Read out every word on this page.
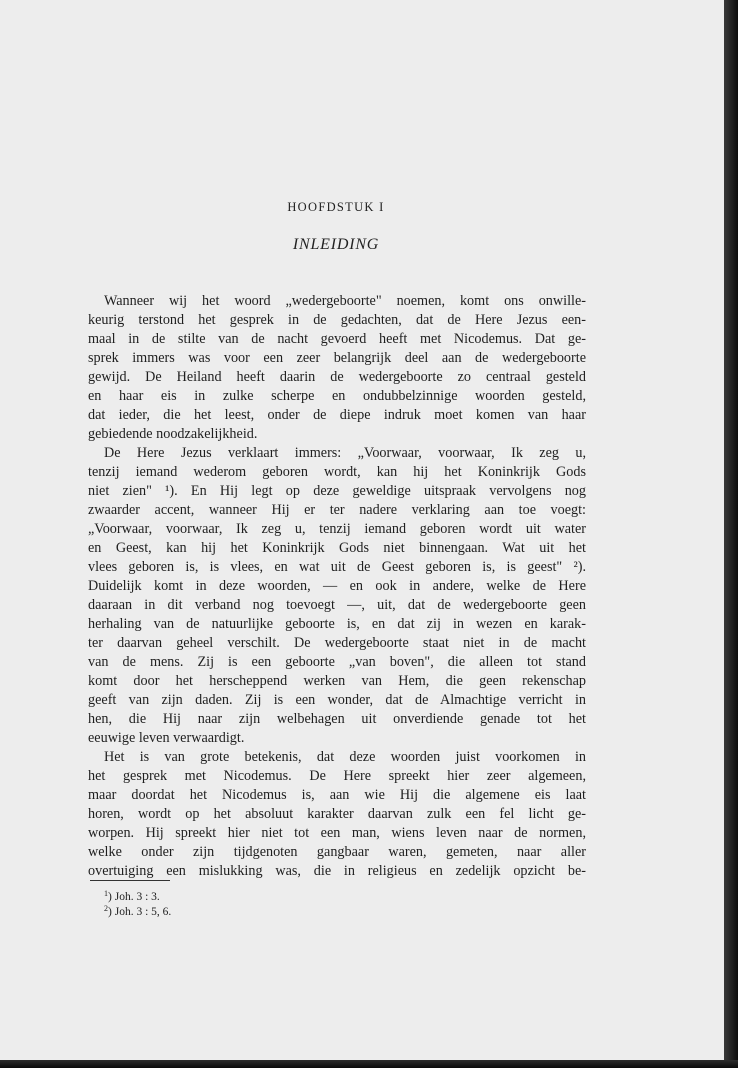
HOOFDSTUK I
INLEIDING
Wanneer wij het woord „wedergeboorte" noemen, komt ons onwille-
keurig terstond het gesprek in de gedachten, dat de Here Jezus een-
maal in de stilte van de nacht gevoerd heeft met Nicodemus. Dat ge-
sprek immers was voor een zeer belangrijk deel aan de wedergeboorte
gewijd. De Heiland heeft daarin de wedergeboorte zo centraal gesteld
en haar eis in zulke scherpe en ondubbelzinnige woorden gesteld,
dat ieder, die het leest, onder de diepe indruk moet komen van haar
gebiedende noodzakelijkheid.
De Here Jezus verklaart immers: „Voorwaar, voorwaar, Ik zeg u,
tenzij iemand wederom geboren wordt, kan hij het Koninkrijk Gods
niet zien" ¹). En Hij legt op deze geweldige uitspraak vervolgens nog
zwaarder accent, wanneer Hij er ter nadere verklaring aan toe voegt:
„Voorwaar, voorwaar, Ik zeg u, tenzij iemand geboren wordt uit water
en Geest, kan hij het Koninkrijk Gods niet binnengaan. Wat uit het
vlees geboren is, is vlees, en wat uit de Geest geboren is, is geest" ²).
Duidelijk komt in deze woorden, — en ook in andere, welke de Here
daaraan in dit verband nog toevoegt —, uit, dat de wedergeboorte geen
herhaling van de natuurlijke geboorte is, en dat zij in wezen en karak-
ter daarvan geheel verschilt. De wedergeboorte staat niet in de macht
van de mens. Zij is een geboorte „van boven", die alleen tot stand
komt door het herscheppend werken van Hem, die geen rekenschap
geeft van zijn daden. Zij is een wonder, dat de Almachtige verricht in
hen, die Hij naar zijn welbehagen uit onverdiende genade tot het
eeuwige leven verwaardigt.
Het is van grote betekenis, dat deze woorden juist voorkomen in
het gesprek met Nicodemus. De Here spreekt hier zeer algemeen,
maar doordat het Nicodemus is, aan wie Hij die algemene eis laat
horen, wordt op het absoluut karakter daarvan zulk een fel licht ge-
worpen. Hij spreekt hier niet tot een man, wiens leven naar de normen,
welke onder zijn tijdgenoten gangbaar waren, gemeten, naar aller
overtuiging een mislukking was, die in religieus en zedelijk opzicht be-
$^1$) Joh. 3 : 3.
$^2$) Joh. 3 : 5, 6.
